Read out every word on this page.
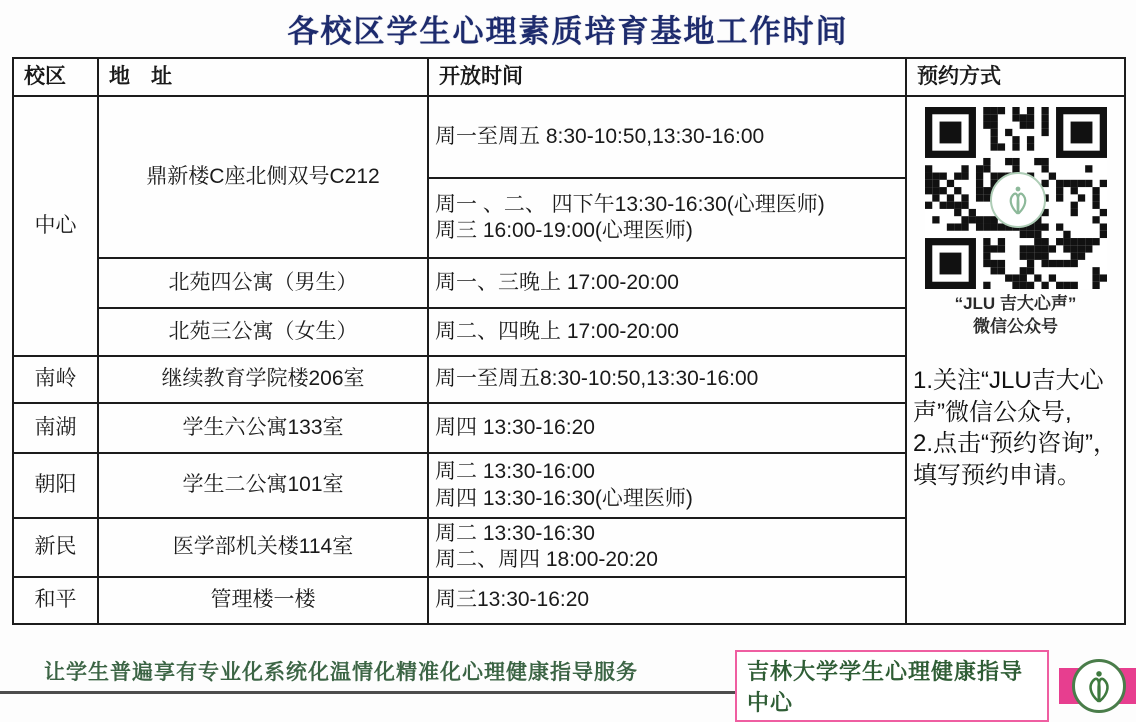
各校区学生心理素质培育基地工作时间
校区	地　址	开放时间	预约方式
中心	鼎新楼C座北侧双号C212	周一至周五 8:30-10:50,13:30-16:00	“JLU 吉大心声”
微信公众号
1.关注“JLU吉大心声”微信公众号,
2.点击“预约咨询”，填写预约申请。

		周一 、二、 四下午13:30-16:30(心理医师)
周三 16:00-19:00(心理医师)	

	北苑四公寓（男生）	周一、三晚上 17:00-20:00	
	北苑三公寓（女生）	周二、四晚上 17:00-20:00	
南岭	继续教育学院楼206室	周一至周五8:30-10:50,13:30-16:00	
南湖	学生六公寓133室	周四 13:30-16:20	
朝阳	学生二公寓101室	周二 13:30-16:00
周四 13:30-16:30(心理医师)	

新民	医学部机关楼114室	周二 13:30-16:30
周二、周四 18:00-20:20	

和平	管理楼一楼	周三13:30-16:20	
让学生普遍享有专业化系统化温情化精准化心理健康指导服务	吉林大学学生心理健康指导中心
